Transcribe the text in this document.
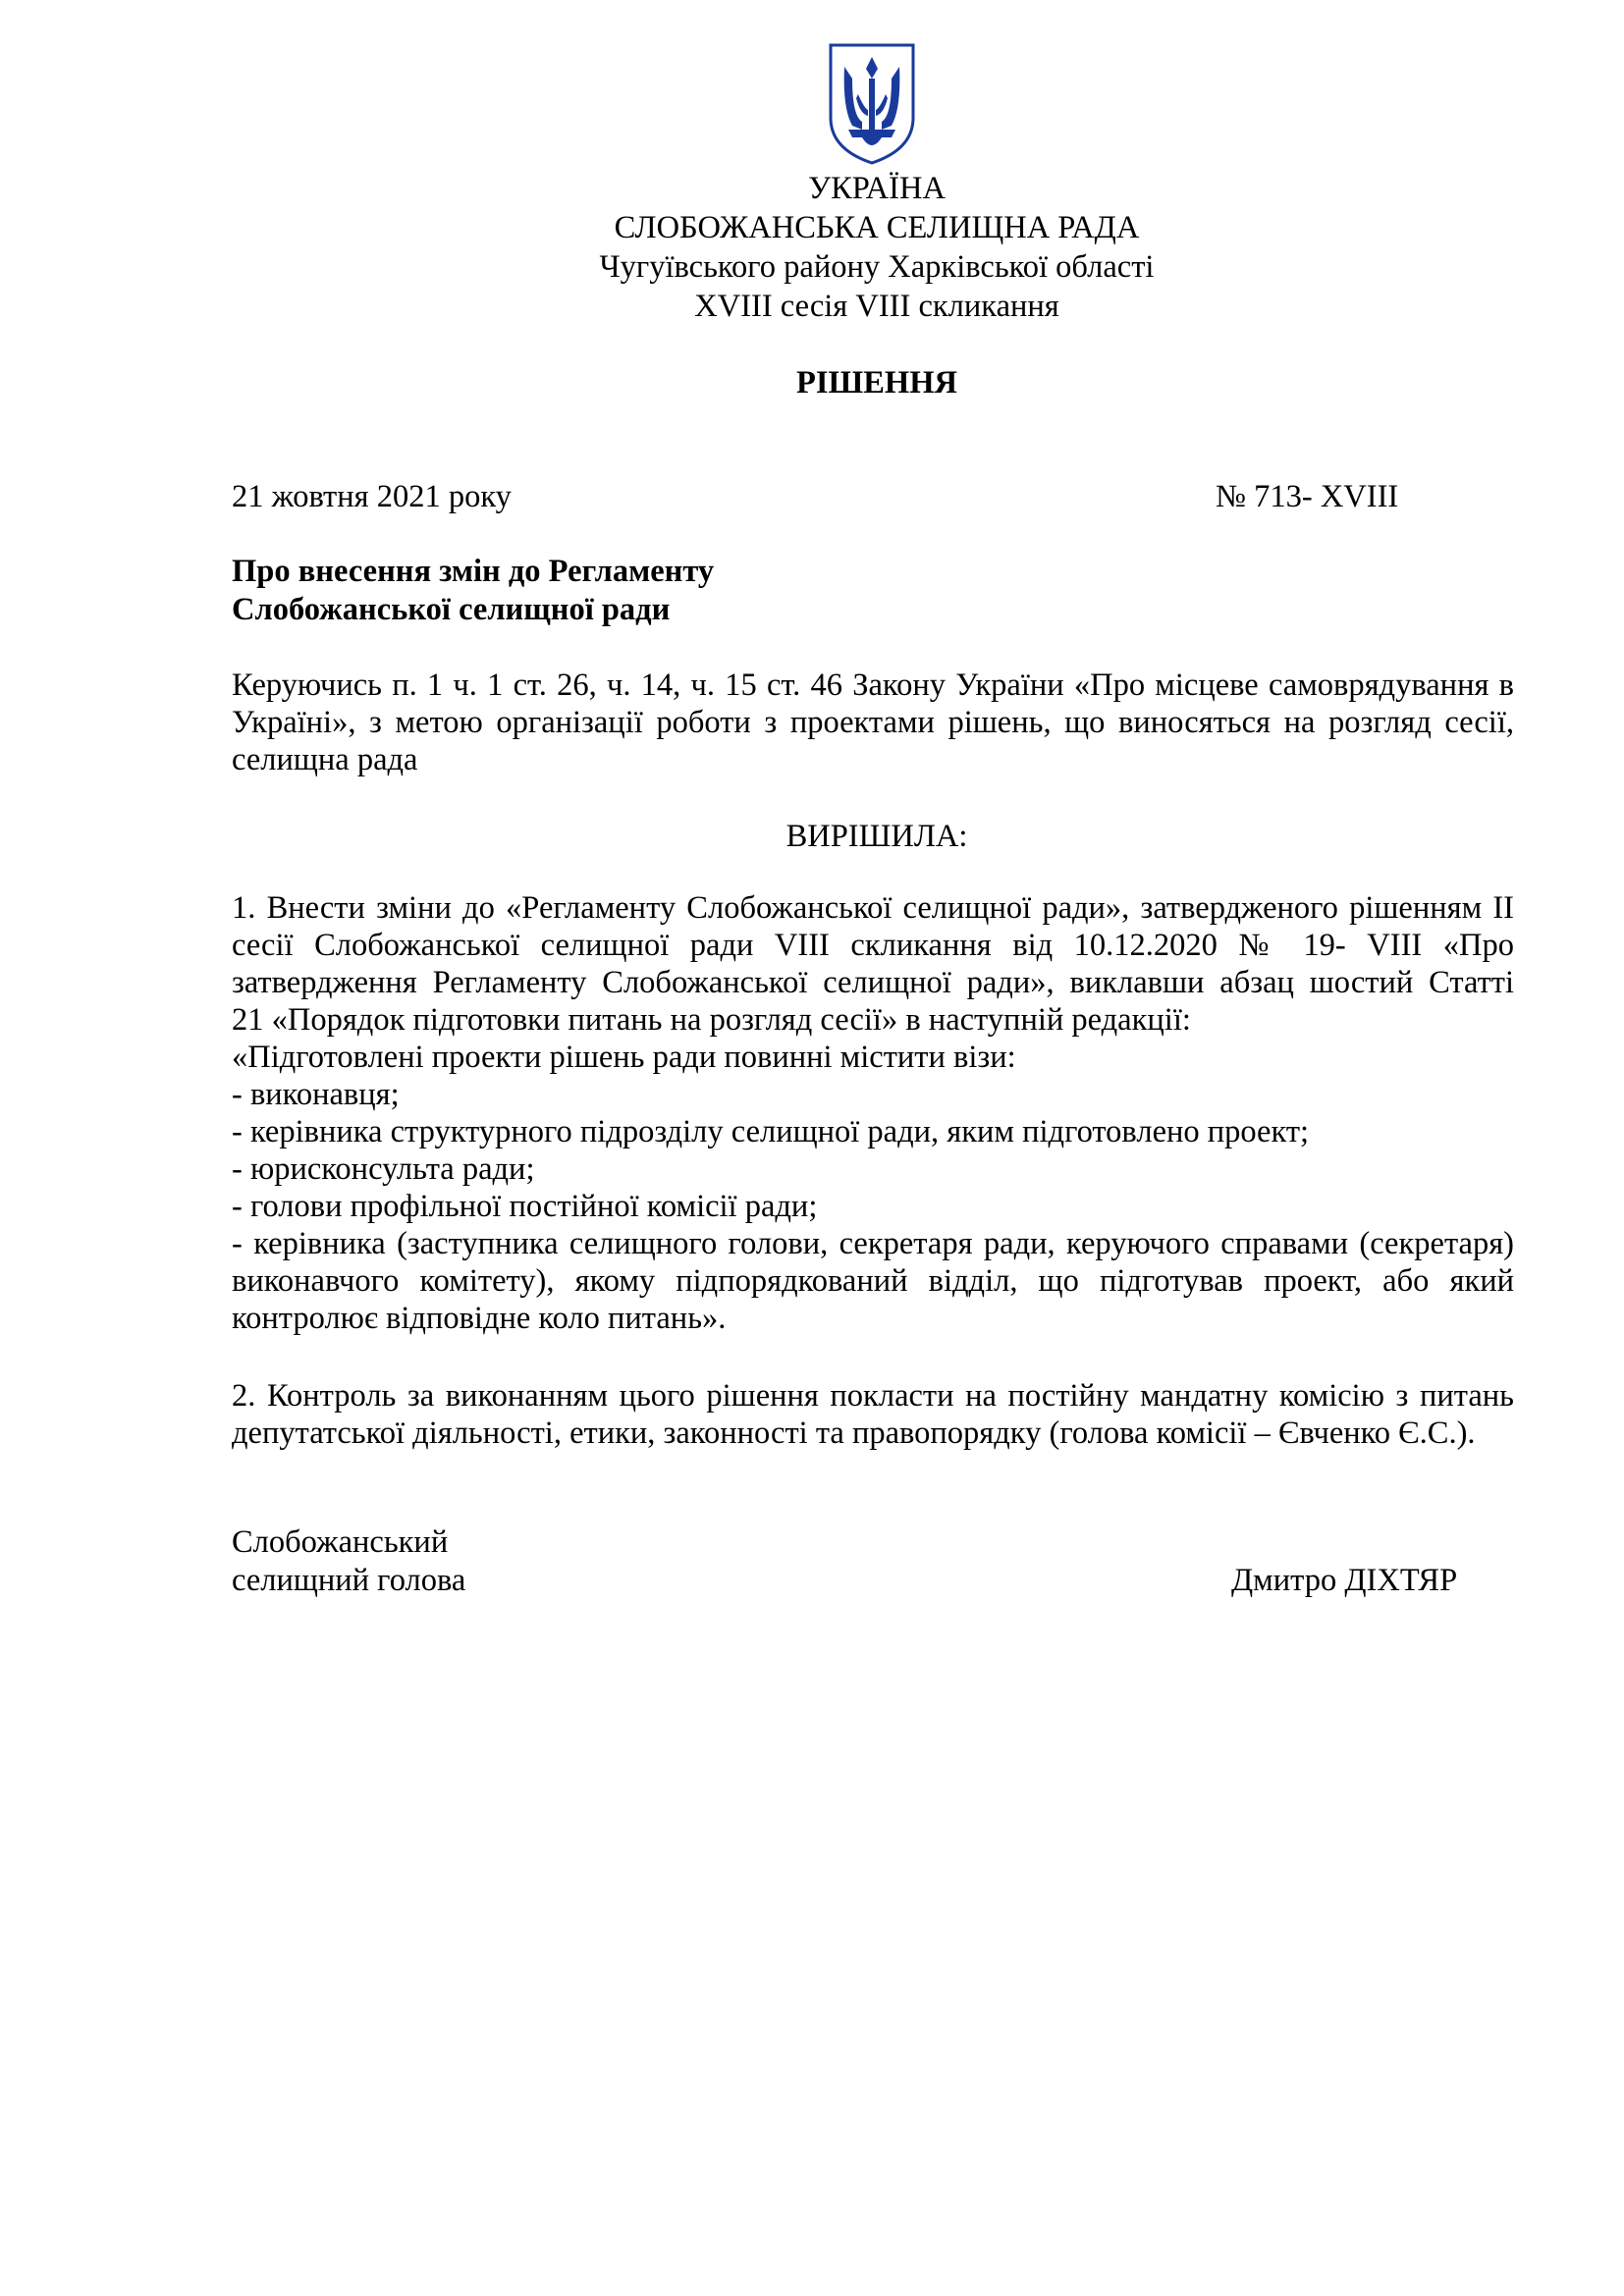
УКРАЇНА
СЛОБОЖАНСЬКА СЕЛИЩНА РАДА
Чугуївського району Харківської області
XVIII сесія VIII скликання
РІШЕННЯ
21 жовтня 2021 року	№ 713- XVIII
Про внесення змін до Регламенту
Слобожанської селищної ради
Керуючись п. 1 ч. 1 ст. 26, ч. 14, ч. 15 ст. 46 Закону України «Про місцеве самоврядування в
Україні», з метою організації роботи з проектами рішень, що виносяться на розгляд сесії,
селищна рада
ВИРІШИЛА:
1. Внести зміни до «Регламенту Слобожанської селищної ради», затвердженого рішенням ІІ
сесії Слобожанської селищної ради VIII скликання від 10.12.2020 № 19- VIII «Про
затвердження Регламенту Слобожанської селищної ради», виклавши абзац шостий Статті
21 «Порядок підготовки питань на розгляд сесії» в наступній редакції:
«Підготовлені проекти рішень ради повинні містити візи:
- виконавця;
- керівника структурного підрозділу селищної ради, яким підготовлено проект;
- юрисконсульта ради;
- голови профільної постійної комісії ради;
- керівника (заступника селищного голови, секретаря ради, керуючого справами (секретаря)
виконавчого комітету), якому підпорядкований відділ, що підготував проект, або який
контролює відповідне коло питань».
2. Контроль за виконанням цього рішення покласти на постійну мандатну комісію з питань
депутатської діяльності, етики, законності та правопорядку (голова комісії – Євченко Є.С.).
Слобожанський
селищний голова	Дмитро ДІХТЯР
